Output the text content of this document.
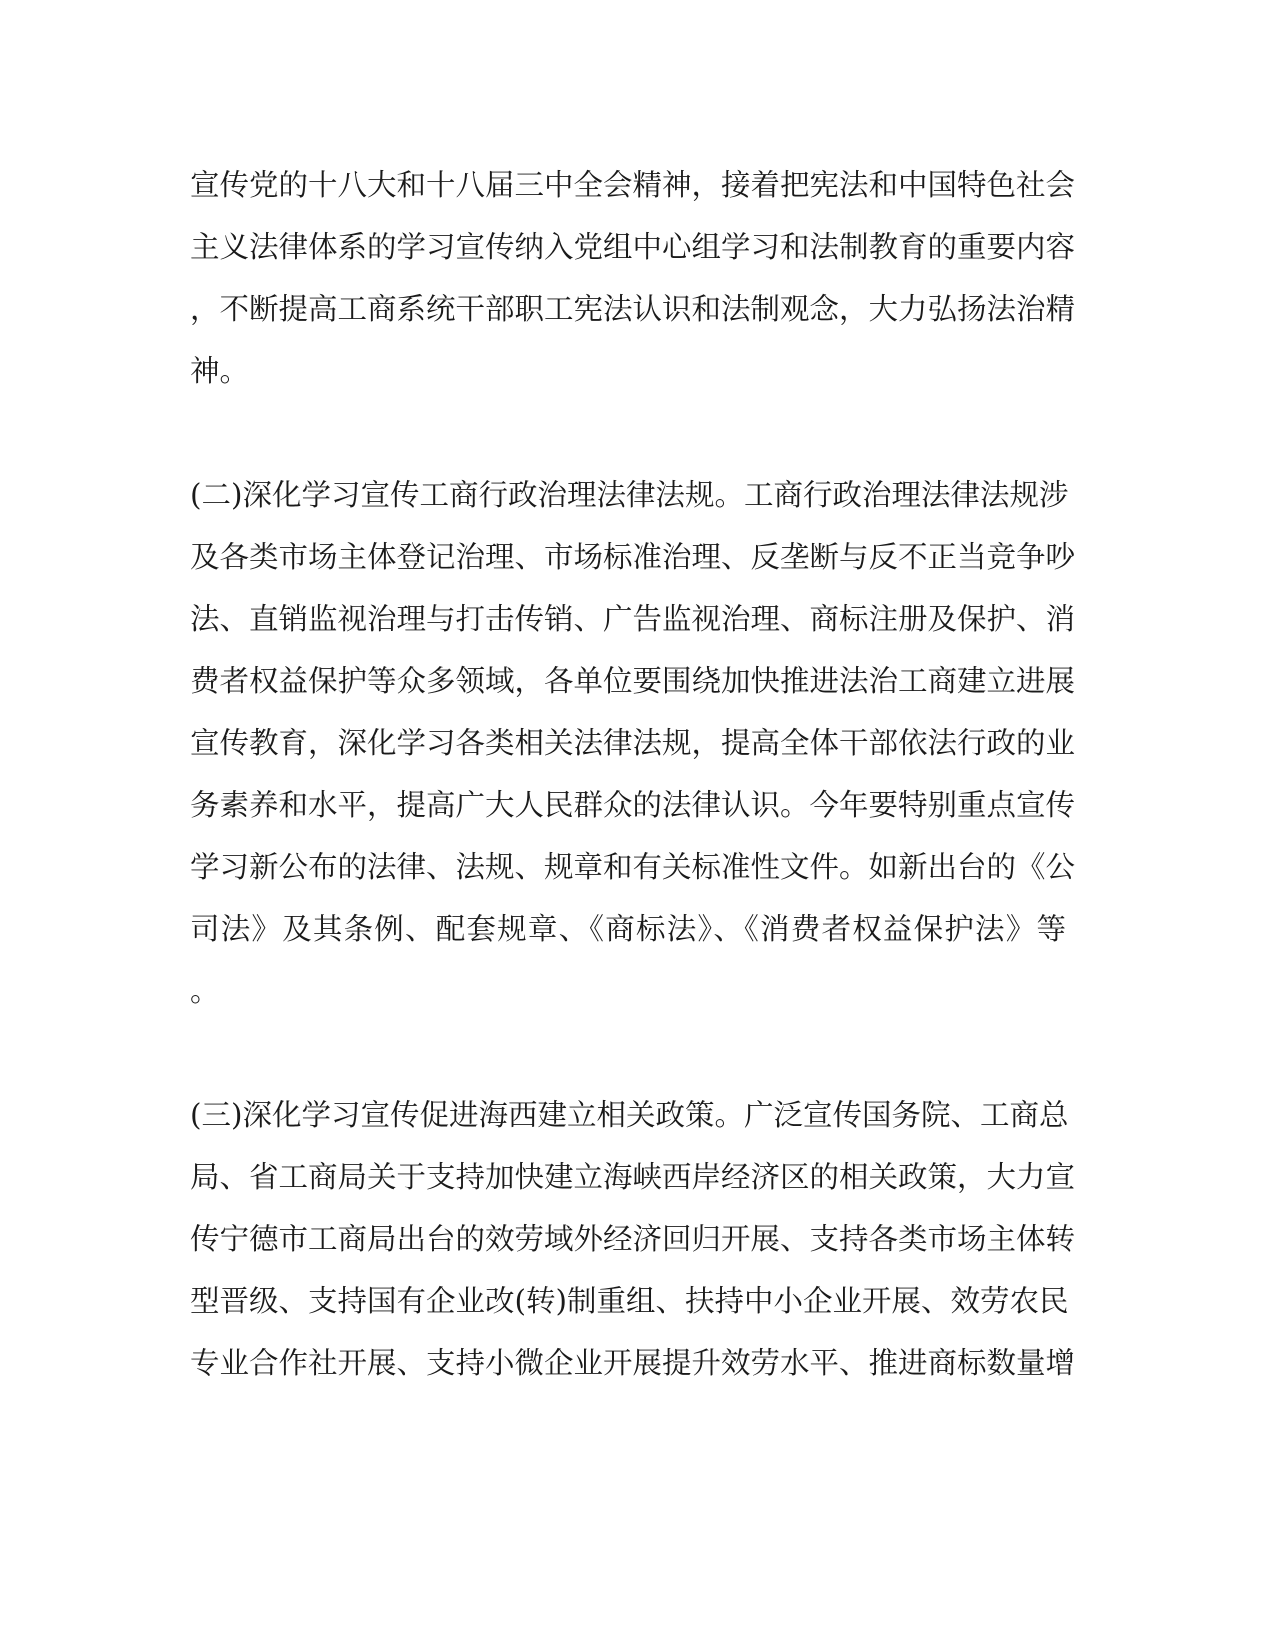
宣传党的十八大和十八届三中全会精神，接着把宪法和中国特色社会
主义法律体系的学习宣传纳入党组中心组学习和法制教育的重要内容
，不断提高工商系统干部职工宪法认识和法制观念，大力弘扬法治精
神。
(二)深化学习宣传工商行政治理法律法规。工商行政治理法律法规涉
及各类市场主体登记治理、市场标准治理、反垄断与反不正当竞争吵
法、直销监视治理与打击传销、广告监视治理、商标注册及保护、消
费者权益保护等众多领域，各单位要围绕加快推进法治工商建立进展
宣传教育，深化学习各类相关法律法规，提高全体干部依法行政的业
务素养和水平，提高广大人民群众的法律认识。今年要特别重点宣传
学习新公布的法律、法规、规章和有关标准性文件。如新出台的《公
司法》及其条例、配套规章、《商标法》、《消费者权益保护法》等
。
(三)深化学习宣传促进海西建立相关政策。广泛宣传国务院、工商总
局、省工商局关于支持加快建立海峡西岸经济区的相关政策，大力宣
传宁德市工商局出台的效劳域外经济回归开展、支持各类市场主体转
型晋级、支持国有企业改(转)制重组、扶持中小企业开展、效劳农民
专业合作社开展、支持小微企业开展提升效劳水平、推进商标数量增
